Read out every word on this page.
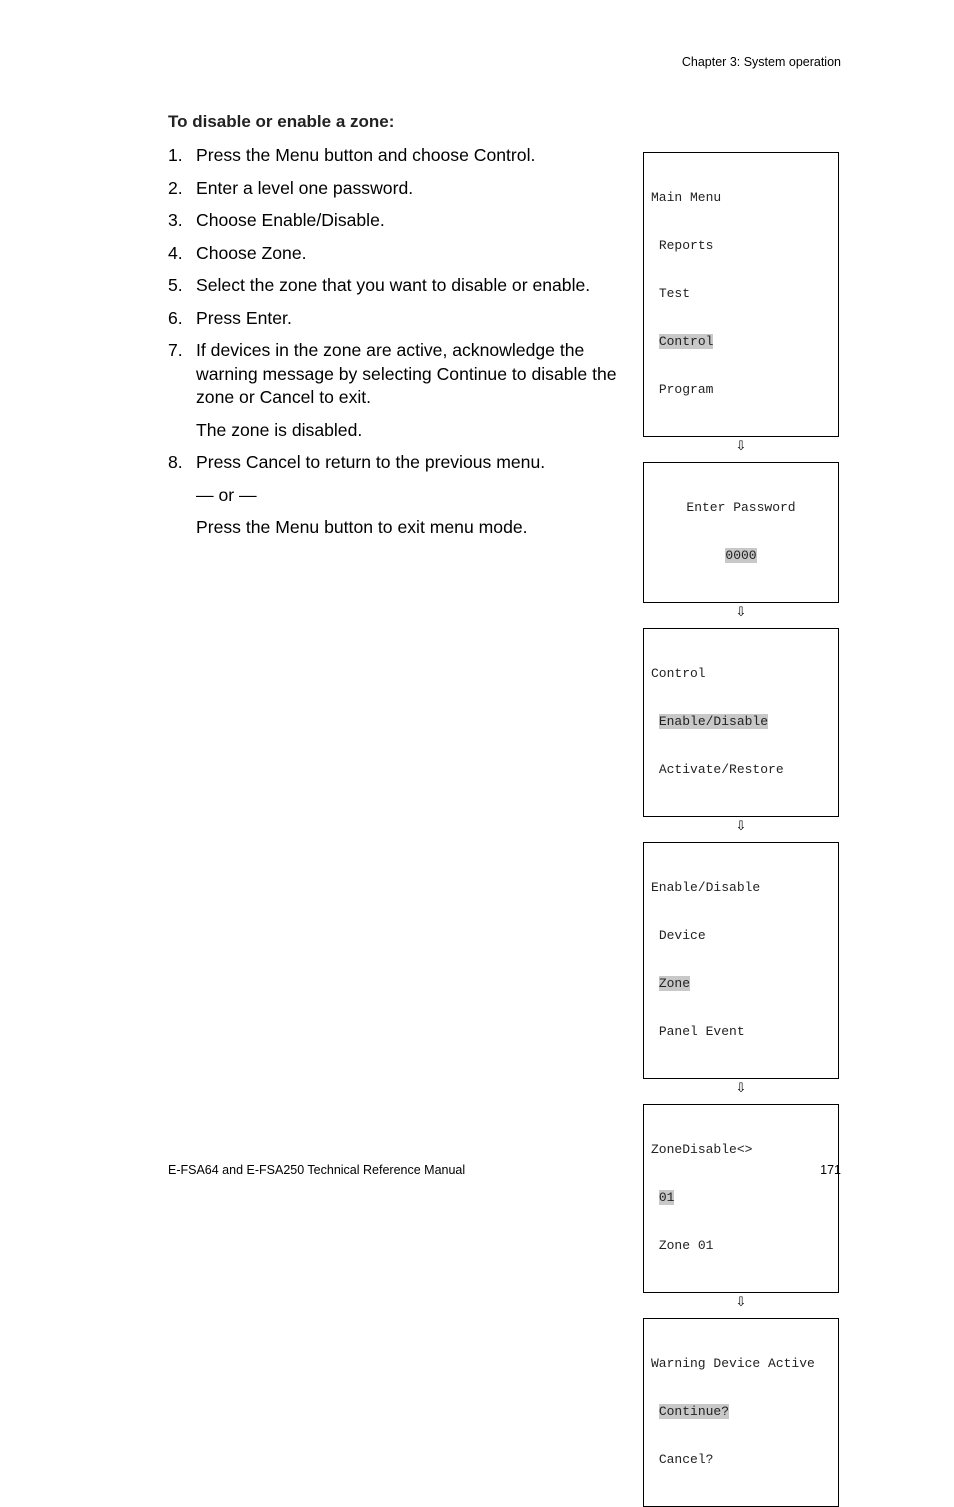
Chapter 3: System operation
To disable or enable a zone:
1. Press the Menu button and choose Control.
2. Enter a level one password.
3. Choose Enable/Disable.
4. Choose Zone.
5. Select the zone that you want to disable or enable.
6. Press Enter.
7. If devices in the zone are active, acknowledge the warning message by selecting Continue to disable the zone or Cancel to exit.
The zone is disabled.
8. Press Cancel to return to the previous menu.
— or —
Press the Menu button to exit menu mode.

Main Menu

Reports

Test

Control

Program

⇩

Enter Password

0000

⇩

Control

Enable/Disable

Activate/Restore

⇩

Enable/Disable

Device

Zone

Panel Event

⇩

ZoneDisable<>

01

Zone 01

⇩

Warning Device Active

Continue?

Cancel?

E-FSA64 and E-FSA250 Technical Reference Manual	171
